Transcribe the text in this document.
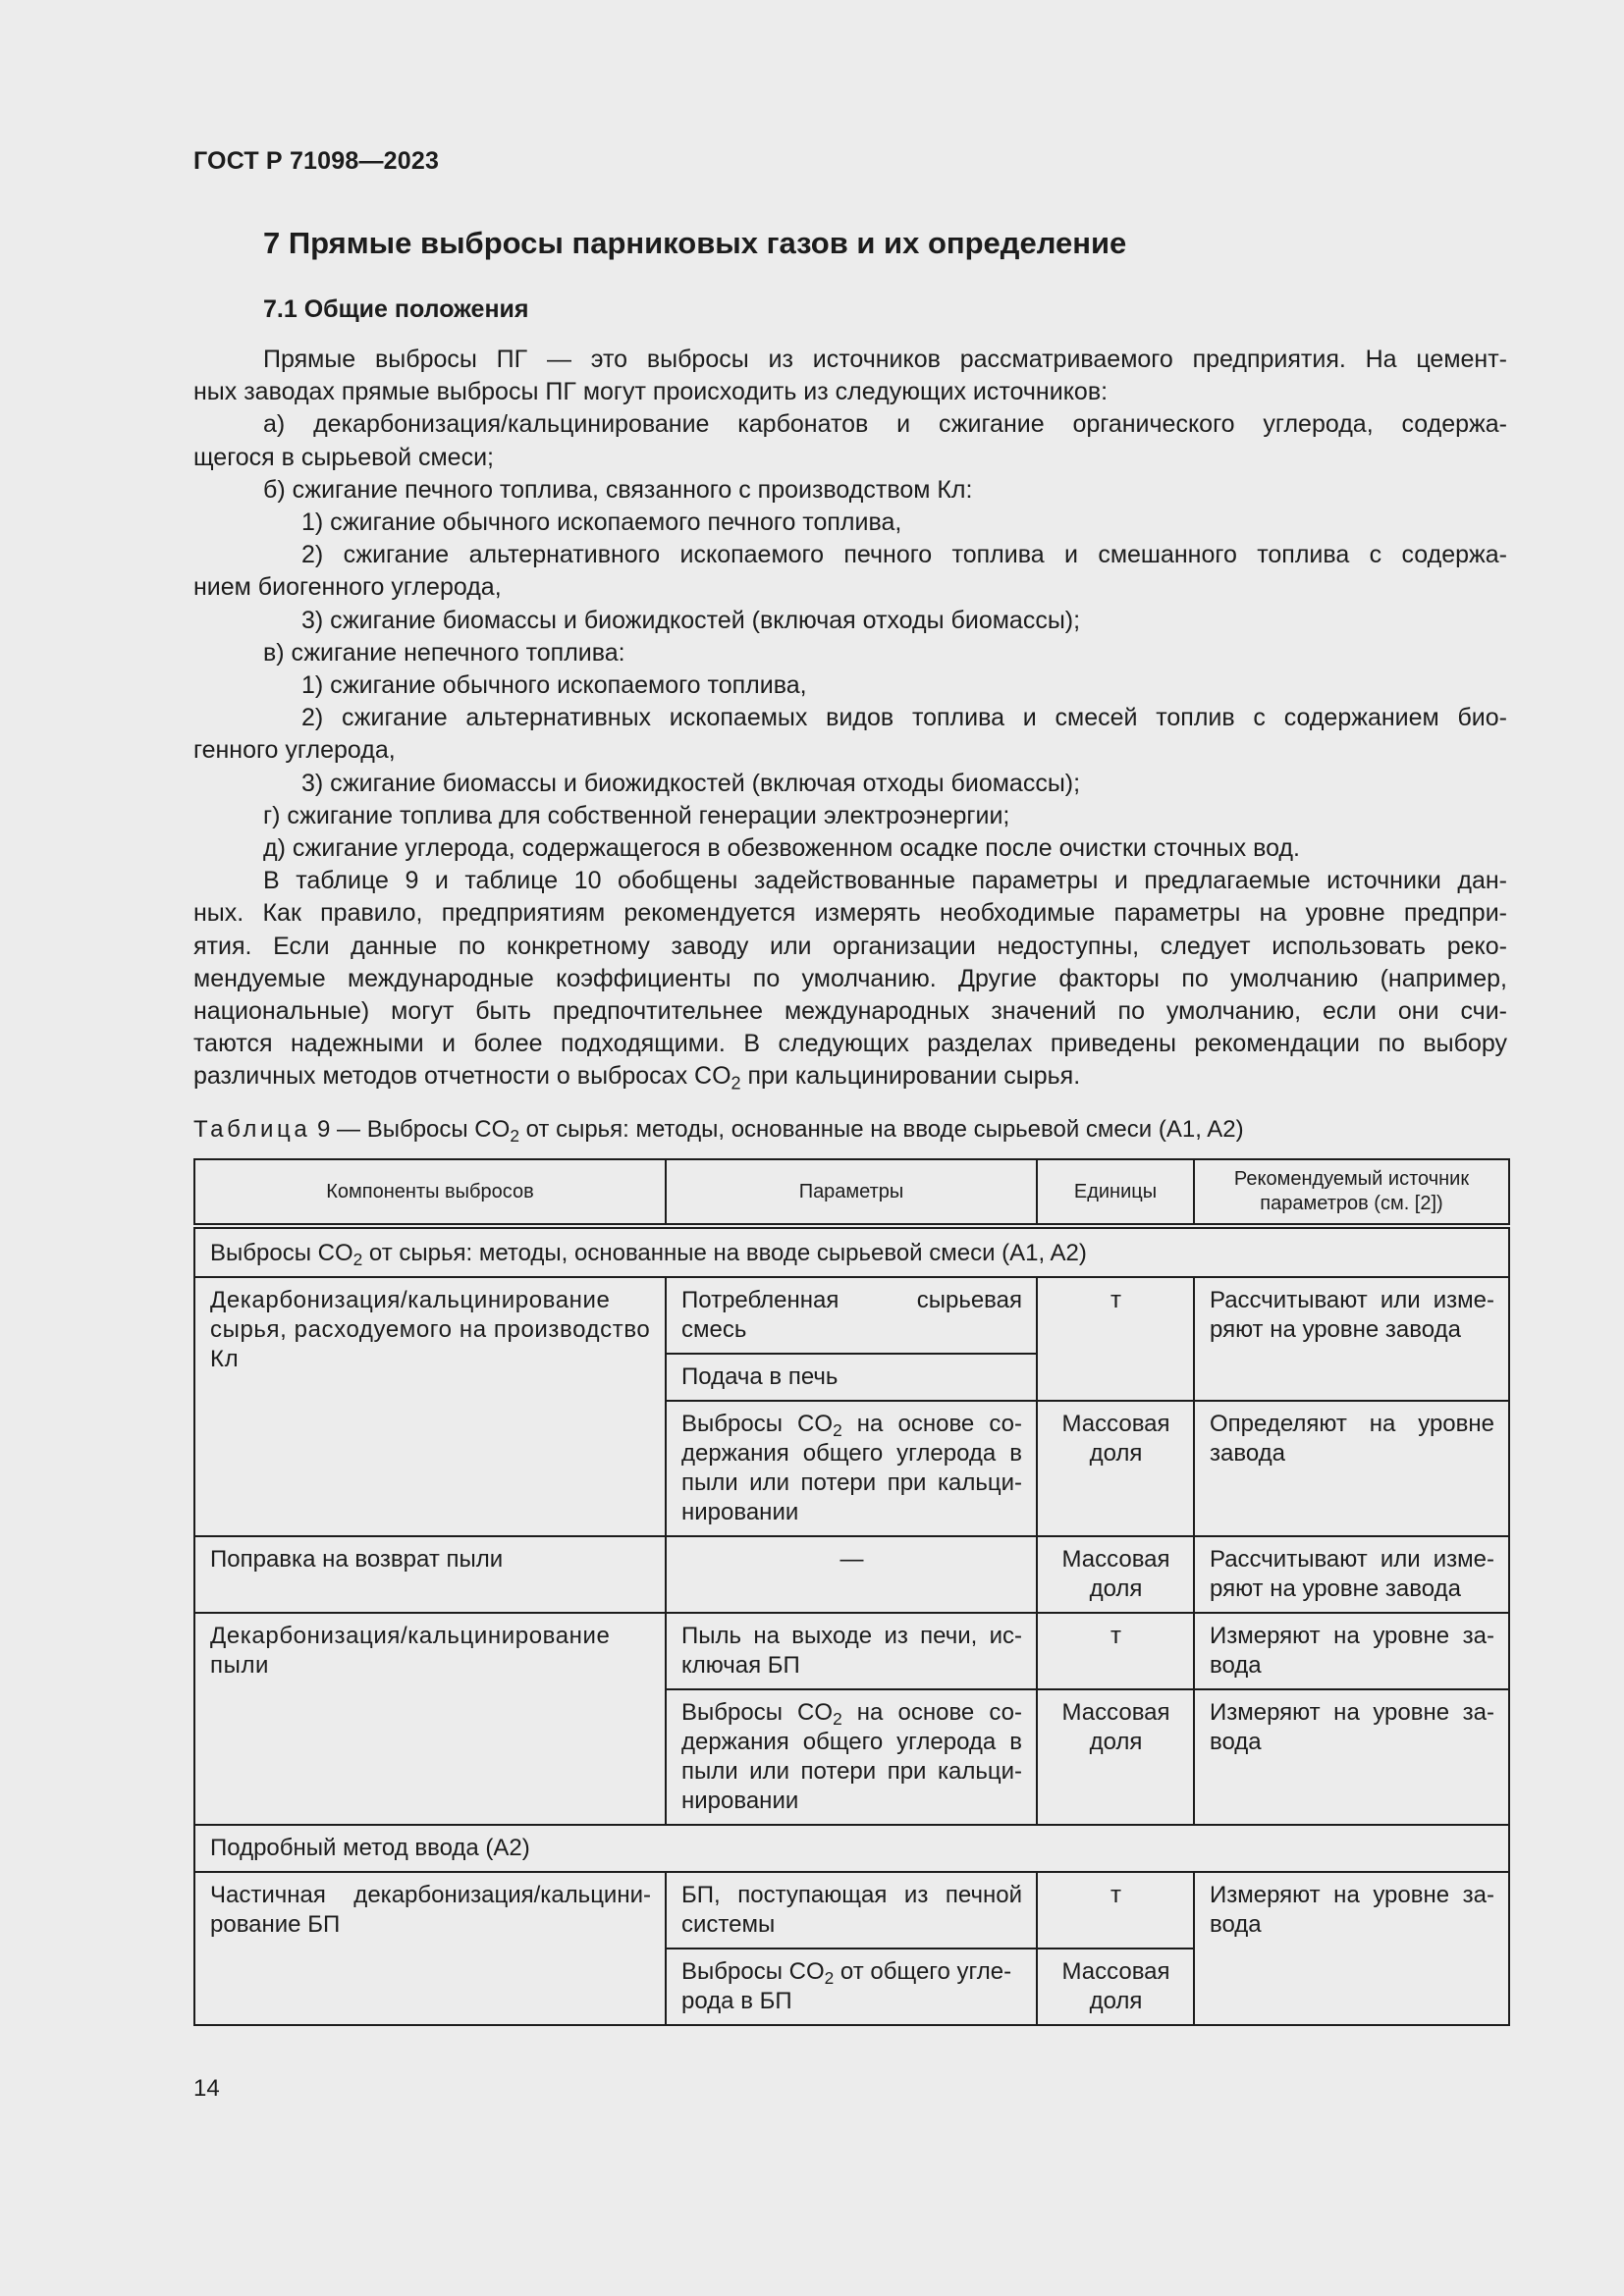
ГОСТ Р 71098—2023
7 Прямые выбросы парниковых газов и их определение
7.1 Общие положения

Прямые выбросы ПГ — это выбросы из источников рассматриваемого предприятия. На цемент-

ных заводах прямые выбросы ПГ могут происходить из следующих источников:

а) декарбонизация/кальцинирование карбонатов и сжигание органического углерода, содержа-

щегося в сырьевой смеси;

б) сжигание печного топлива, связанного с производством Кл:

1) сжигание обычного ископаемого печного топлива,

2) сжигание альтернативного ископаемого печного топлива и смешанного топлива с содержа-

нием биогенного углерода,

3) сжигание биомассы и биожидкостей (включая отходы биомассы);

в) сжигание непечного топлива:

1) сжигание обычного ископаемого топлива,

2) сжигание альтернативных ископаемых видов топлива и смесей топлив с содержанием био-

генного углерода,

3) сжигание биомассы и биожидкостей (включая отходы биомассы);

г) сжигание топлива для собственной генерации электроэнергии;

д) сжигание углерода, содержащегося в обезвоженном осадке после очистки сточных вод.

В таблице 9 и таблице 10 обобщены задействованные параметры и предлагаемые источники дан-

ных. Как правило, предприятиям рекомендуется измерять необходимые параметры на уровне предпри-

ятия. Если данные по конкретному заводу или организации недоступны, следует использовать реко-

мендуемые международные коэффициенты по умолчанию. Другие факторы по умолчанию (например,

национальные) могут быть предпочтительнее международных значений по умолчанию, если они счи-

таются надежными и более подходящими. В следующих разделах приведены рекомендации по выбору

различных методов отчетности о выбросах $CO_2$ при кальцинировании сырья.

Таблица 9 — Выбросы $CO_2$ от сырья: методы, основанные на вводе сырьевой смеси (A1, A2)
Компоненты выбросов	Параметры	Единицы	Рекомендуемый источник
параметров (см. [2])
Выбросы $CO_2$ от сырья: методы, основанные на вводе сырьевой смеси (A1, A2)			
Декарбонизация/кальцинирование сырья, расходуемого на производство Кл	Потребленная сырьевая смесь	т	Рассчитывают или изме-ряют на уровне завода
	Подача в печь		
	Выбросы $CO_2$ на основе со-держания общего углерода в пыли или потери при кальци-нировании	Массовая доля	Определяют на уровне завода
Поправка на возврат пыли	—	Массовая доля	Рассчитывают или изме-ряют на уровне завода
Декарбонизация/кальцинирование пыли	Пыль на выходе из печи, ис-ключая БП	т	Измеряют на уровне за-вода
	Выбросы $CO_2$ на основе со-держания общего углерода в пыли или потери при кальци-нировании	Массовая доля	Измеряют на уровне за-вода
Подробный метод ввода (A2)			
Частичная декарбонизация/кальцини-рование БП	БП, поступающая из печной системы	т	Измеряют на уровне за-вода
	Выбросы $CO_2$ от общего угле-рода в БП	Массовая доля	
14
